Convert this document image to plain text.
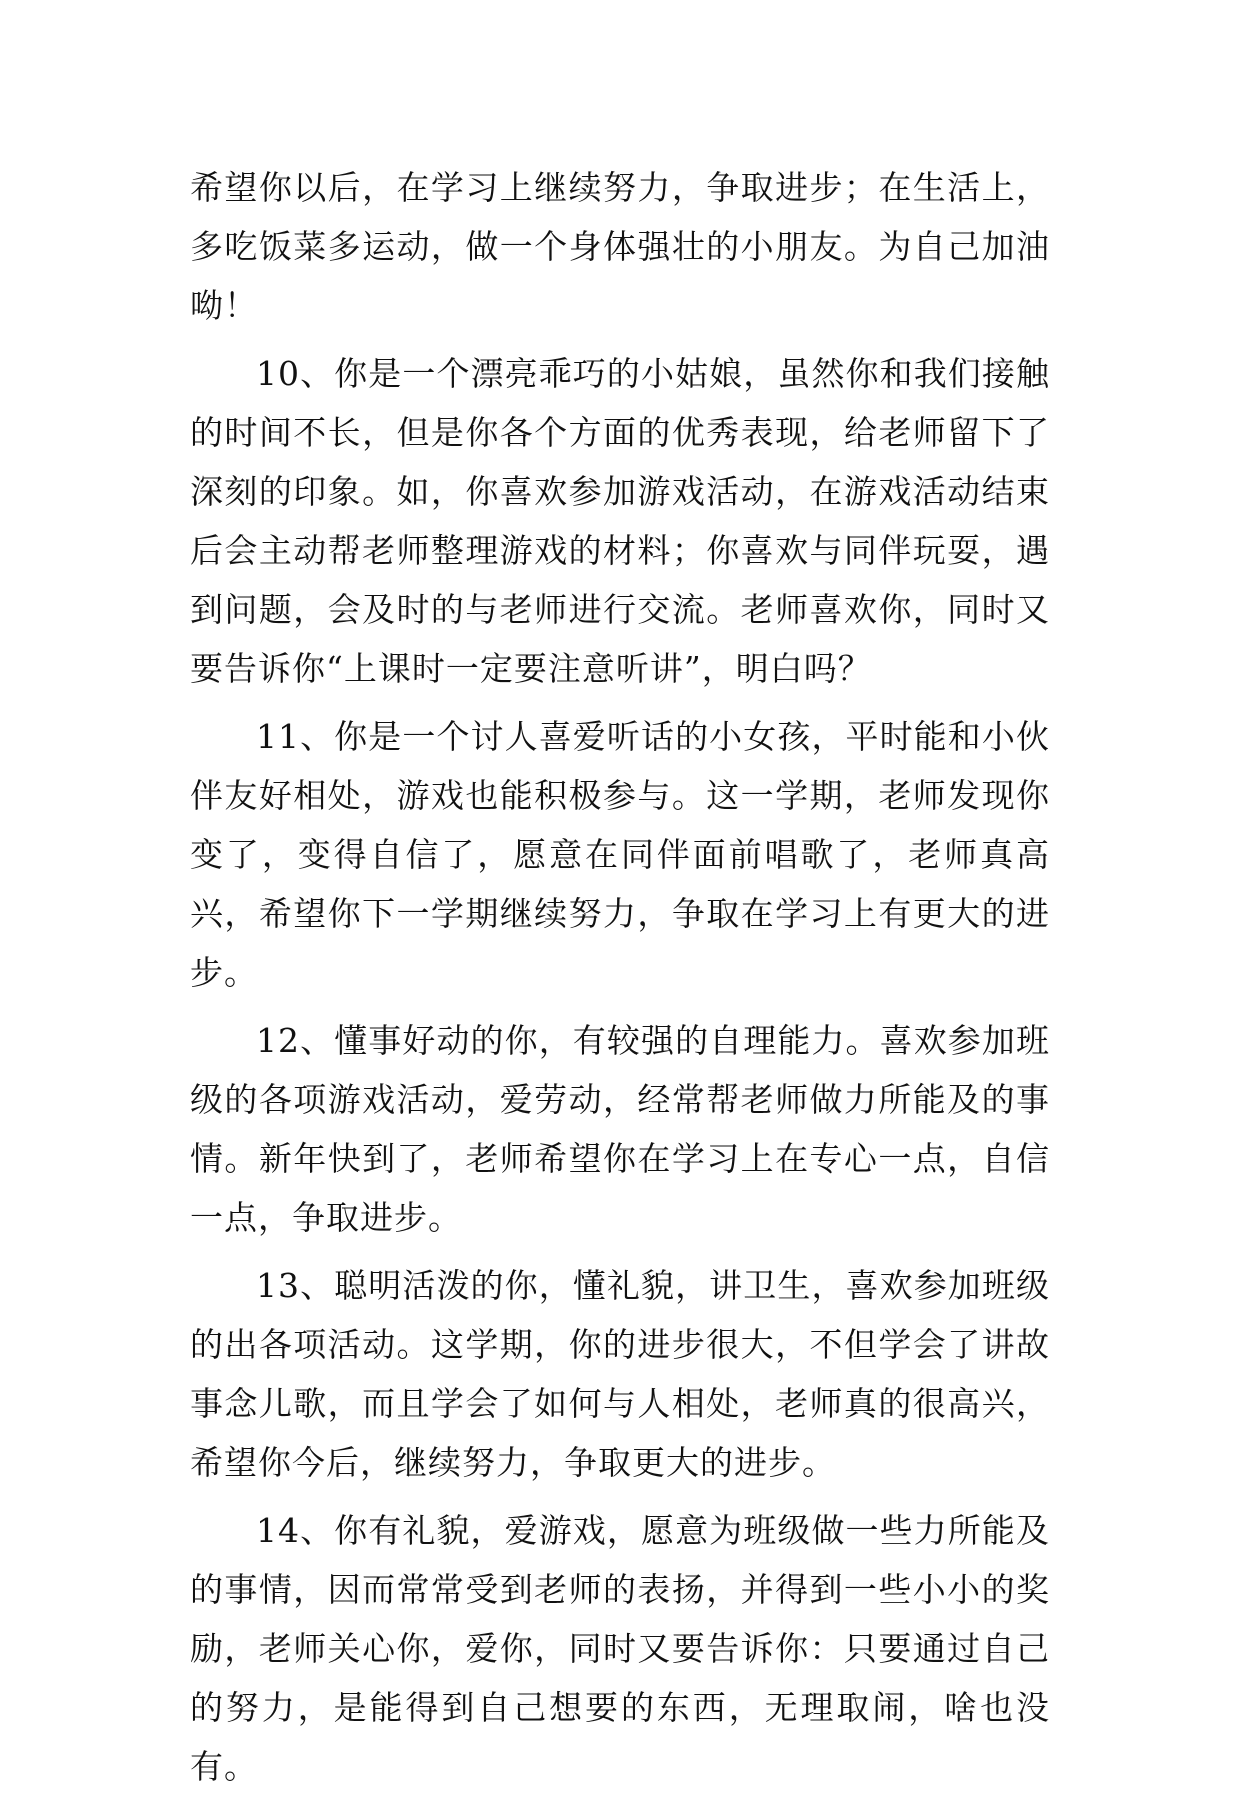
希望你以后，在学习上继续努力，争取进步；在生活上，多吃饭菜多运动，做一个身体强壮的小朋友。为自己加油呦！

10、你是一个漂亮乖巧的小姑娘，虽然你和我们接触的时间不长，但是你各个方面的优秀表现，给老师留下了深刻的印象。如，你喜欢参加游戏活动，在游戏活动结束后会主动帮老师整理游戏的材料；你喜欢与同伴玩耍，遇到问题，会及时的与老师进行交流。老师喜欢你，同时又要告诉你“上课时一定要注意听讲”，明白吗？

11、你是一个讨人喜爱听话的小女孩，平时能和小伙伴友好相处，游戏也能积极参与。这一学期，老师发现你变了，变得自信了，愿意在同伴面前唱歌了，老师真高兴，希望你下一学期继续努力，争取在学习上有更大的进步。

12、懂事好动的你，有较强的自理能力。喜欢参加班级的各项游戏活动，爱劳动，经常帮老师做力所能及的事情。新年快到了，老师希望你在学习上在专心一点，自信一点，争取进步。

13、聪明活泼的你，懂礼貌，讲卫生，喜欢参加班级的出各项活动。这学期，你的进步很大，不但学会了讲故事念儿歌，而且学会了如何与人相处，老师真的很高兴，希望你今后，继续努力，争取更大的进步。

14、你有礼貌，爱游戏，愿意为班级做一些力所能及的事情，因而常常受到老师的表扬，并得到一些小小的奖励，老师关心你，爱你，同时又要告诉你：只要通过自己的努力，是能得到自己想要的东西，无理取闹，啥也没有。
